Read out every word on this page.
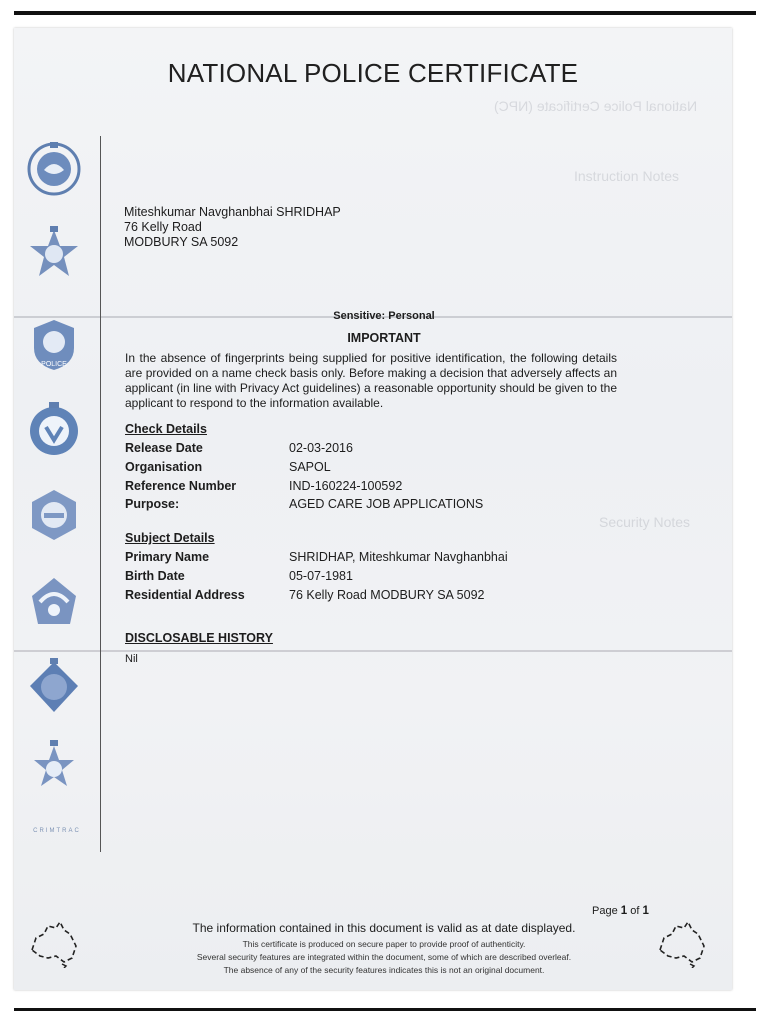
National Police Certificate (NPC)
Instruction Notes
Security Notes
NATIONAL POLICE CERTIFICATE
POLICE
CRIMTRAC
Miteshkumar Navghanbhai SHRIDHAP
76 Kelly Road
MODBURY SA 5092
Sensitive: Personal
IMPORTANT
In the absence of fingerprints being supplied for positive identification, the following details are provided on a name check basis only. Before making a decision that adversely affects an applicant (in line with Privacy Act guidelines) a reasonable opportunity should be given to the applicant to respond to the information available.
Check Details
Release Date	02-03-2016
Organisation	SAPOL
Reference Number	IND-160224-100592
Purpose:	AGED CARE JOB APPLICATIONS
Subject Details
Primary Name	SHRIDHAP, Miteshkumar Navghanbhai
Birth Date	05-07-1981
Residential Address	76 Kelly Road MODBURY SA 5092
DISCLOSABLE HISTORY
Nil
Page 1 of 1
The information contained in this document is valid as at date displayed.
This certificate is produced on secure paper to provide proof of authenticity.
Several security features are integrated within the document, some of which are described overleaf.
The absence of any of the security features indicates this is not an original document.
